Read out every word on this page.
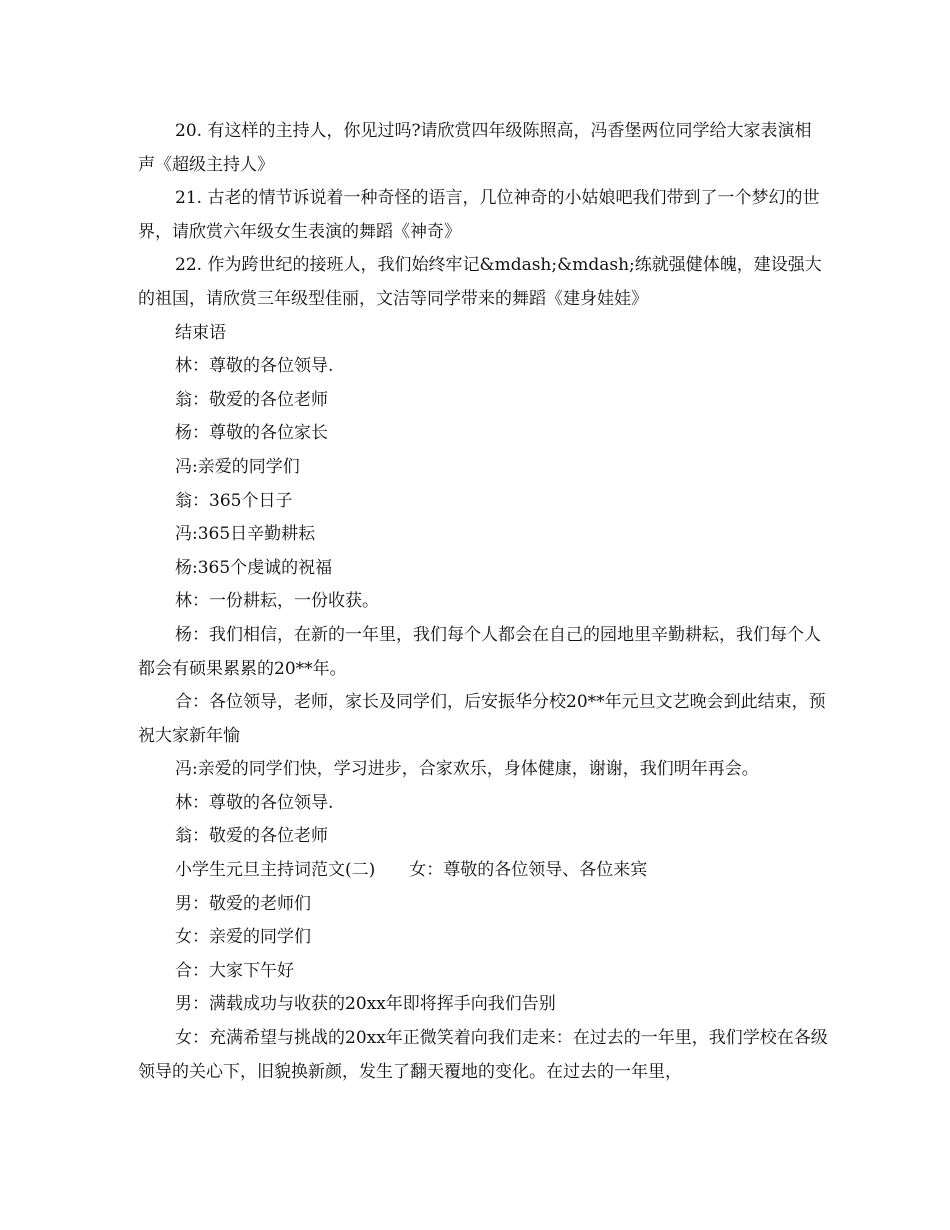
20. 有这样的主持人，你见过吗?请欣赏四年级陈照高，冯香堡两位同学给大家表演相声《超级主持人》

21. 古老的情节诉说着一种奇怪的语言，几位神奇的小姑娘吧我们带到了一个梦幻的世界，请欣赏六年级女生表演的舞蹈《神奇》

22. 作为跨世纪的接班人，我们始终牢记&mdash;&mdash;练就强健体魄，建设强大的祖国，请欣赏三年级型佳丽，文洁等同学带来的舞蹈《建身娃娃》

结束语

林：尊敬的各位领导.

翁：敬爱的各位老师

杨：尊敬的各位家长

冯:亲爱的同学们

翁：365个日子

冯:365日辛勤耕耘

杨:365个虔诚的祝福

林：一份耕耘，一份收获。

杨：我们相信，在新的一年里，我们每个人都会在自己的园地里辛勤耕耘，我们每个人都会有硕果累累的20**年。

合：各位领导，老师，家长及同学们，后安振华分校20**年元旦文艺晚会到此结束，预祝大家新年愉

冯:亲爱的同学们快，学习进步，合家欢乐，身体健康，谢谢，我们明年再会。

林：尊敬的各位领导.

翁：敬爱的各位老师

小学生元旦主持词范文(二)　　女：尊敬的各位领导、各位来宾

男：敬爱的老师们

女：亲爱的同学们

合：大家下午好

男：满载成功与收获的20xx年即将挥手向我们告别

女：充满希望与挑战的20xx年正微笑着向我们走来：在过去的一年里，我们学校在各级领导的关心下，旧貌换新颜，发生了翻天覆地的变化。在过去的一年里，
